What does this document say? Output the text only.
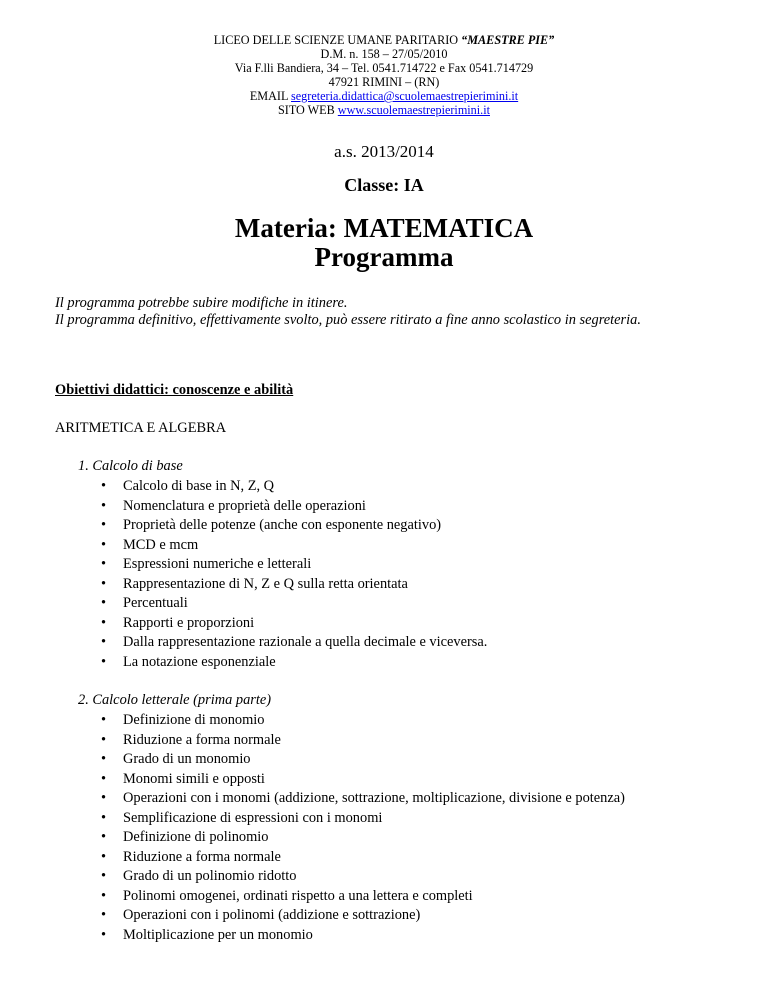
LICEO DELLE SCIENZE UMANE PARITARIO “MAESTRE PIE”
D.M. n. 158 – 27/05/2010
Via F.lli Bandiera, 34 – Tel. 0541.714722 e Fax 0541.714729
47921 RIMINI – (RN)
EMAIL segreteria.didattica@scuolemaestrepierimini.it
SITO WEB www.scuolemaestrepierimini.it
a.s. 2013/2014
Classe: IA
Materia: MATEMATICA
Programma
Il programma potrebbe subire modifiche in itinere.
Il programma definitivo, effettivamente svolto, può essere ritirato a fine anno scolastico in segreteria.
Obiettivi didattici: conoscenze e abilità
ARITMETICA E ALGEBRA
1. Calcolo di base
• Calcolo di base in N, Z, Q
• Nomenclatura e proprietà delle operazioni
• Proprietà delle potenze (anche con esponente negativo)
• MCD e mcm
• Espressioni numeriche e letterali
• Rappresentazione di N, Z e Q sulla retta orientata
• Percentuali
• Rapporti e proporzioni
• Dalla rappresentazione razionale a quella decimale e viceversa.
• La notazione esponenziale
2. Calcolo letterale (prima parte)
• Definizione di monomio
• Riduzione a forma normale
• Grado di un monomio
• Monomi simili e opposti
• Operazioni con i monomi (addizione, sottrazione, moltiplicazione, divisione e potenza)
• Semplificazione di espressioni con i monomi
• Definizione di polinomio
• Riduzione a forma normale
• Grado di un polinomio ridotto
• Polinomi omogenei, ordinati rispetto a una lettera e completi
• Operazioni con i polinomi (addizione e sottrazione)
• Moltiplicazione per un monomio
